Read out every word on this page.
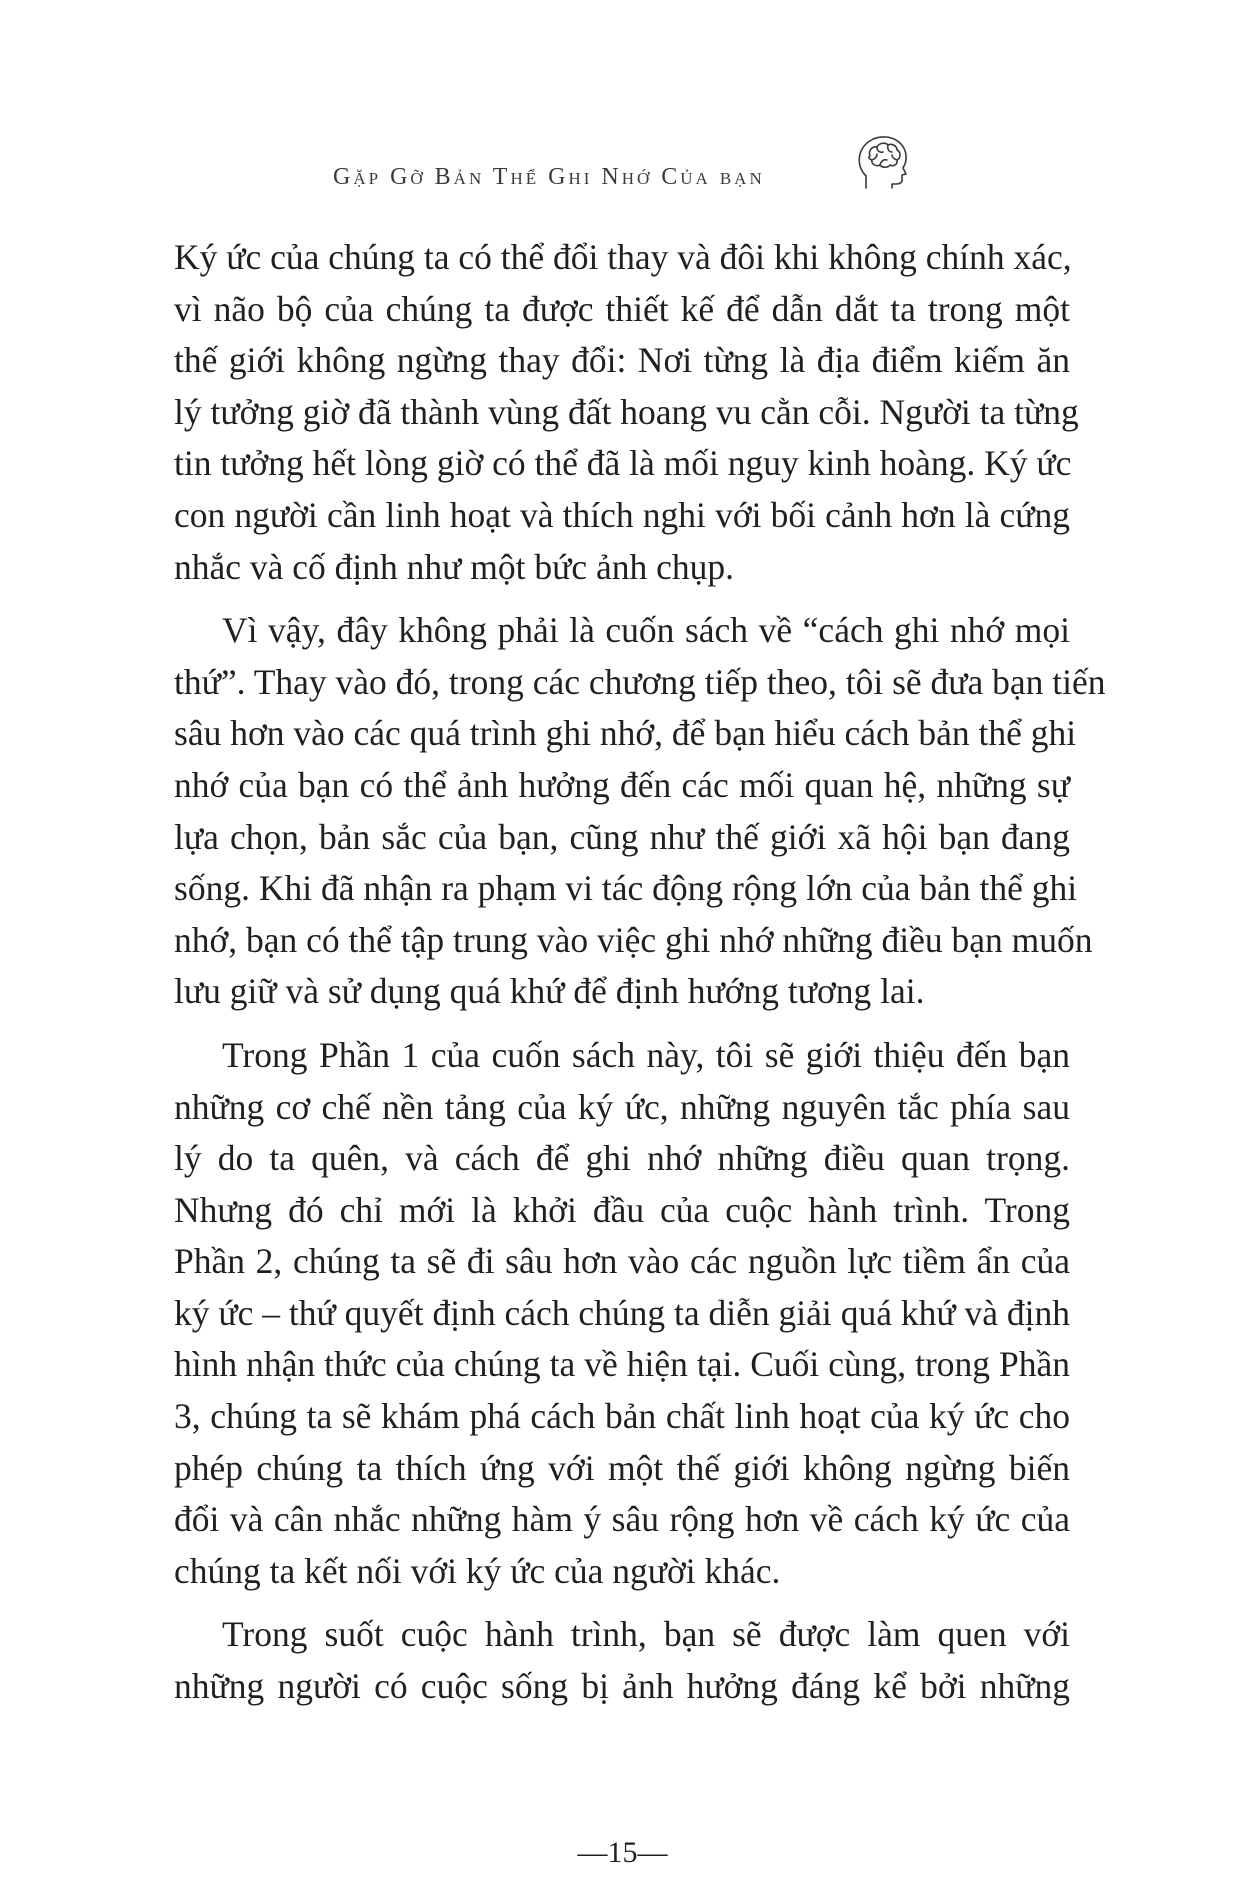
Gặp Gỡ Bản Thể Ghi Nhớ Của bạn
Ký ức của chúng ta có thể đổi thay và đôi khi không chính xác,
vì não bộ của chúng ta được thiết kế để dẫn dắt ta trong một
thế giới không ngừng thay đổi: Nơi từng là địa điểm kiếm ăn
lý tưởng giờ đã thành vùng đất hoang vu cằn cỗi. Người ta từng
tin tưởng hết lòng giờ có thể đã là mối nguy kinh hoàng. Ký ức
con người cần linh hoạt và thích nghi với bối cảnh hơn là cứng
nhắc và cố định như một bức ảnh chụp.
Vì vậy, đây không phải là cuốn sách về “cách ghi nhớ mọi
thứ”. Thay vào đó, trong các chương tiếp theo, tôi sẽ đưa bạn tiến
sâu hơn vào các quá trình ghi nhớ, để bạn hiểu cách bản thể ghi
nhớ của bạn có thể ảnh hưởng đến các mối quan hệ, những sự
lựa chọn, bản sắc của bạn, cũng như thế giới xã hội bạn đang
sống. Khi đã nhận ra phạm vi tác động rộng lớn của bản thể ghi
nhớ, bạn có thể tập trung vào việc ghi nhớ những điều bạn muốn
lưu giữ và sử dụng quá khứ để định hướng tương lai.
Trong Phần 1 của cuốn sách này, tôi sẽ giới thiệu đến bạn
những cơ chế nền tảng của ký ức, những nguyên tắc phía sau
lý do ta quên, và cách để ghi nhớ những điều quan trọng.
Nhưng đó chỉ mới là khởi đầu của cuộc hành trình. Trong
Phần 2, chúng ta sẽ đi sâu hơn vào các nguồn lực tiềm ẩn của
ký ức – thứ quyết định cách chúng ta diễn giải quá khứ và định
hình nhận thức của chúng ta về hiện tại. Cuối cùng, trong Phần
3, chúng ta sẽ khám phá cách bản chất linh hoạt của ký ức cho
phép chúng ta thích ứng với một thế giới không ngừng biến
đổi và cân nhắc những hàm ý sâu rộng hơn về cách ký ức của
chúng ta kết nối với ký ức của người khác.
Trong suốt cuộc hành trình, bạn sẽ được làm quen với
những người có cuộc sống bị ảnh hưởng đáng kể bởi những
—15—
